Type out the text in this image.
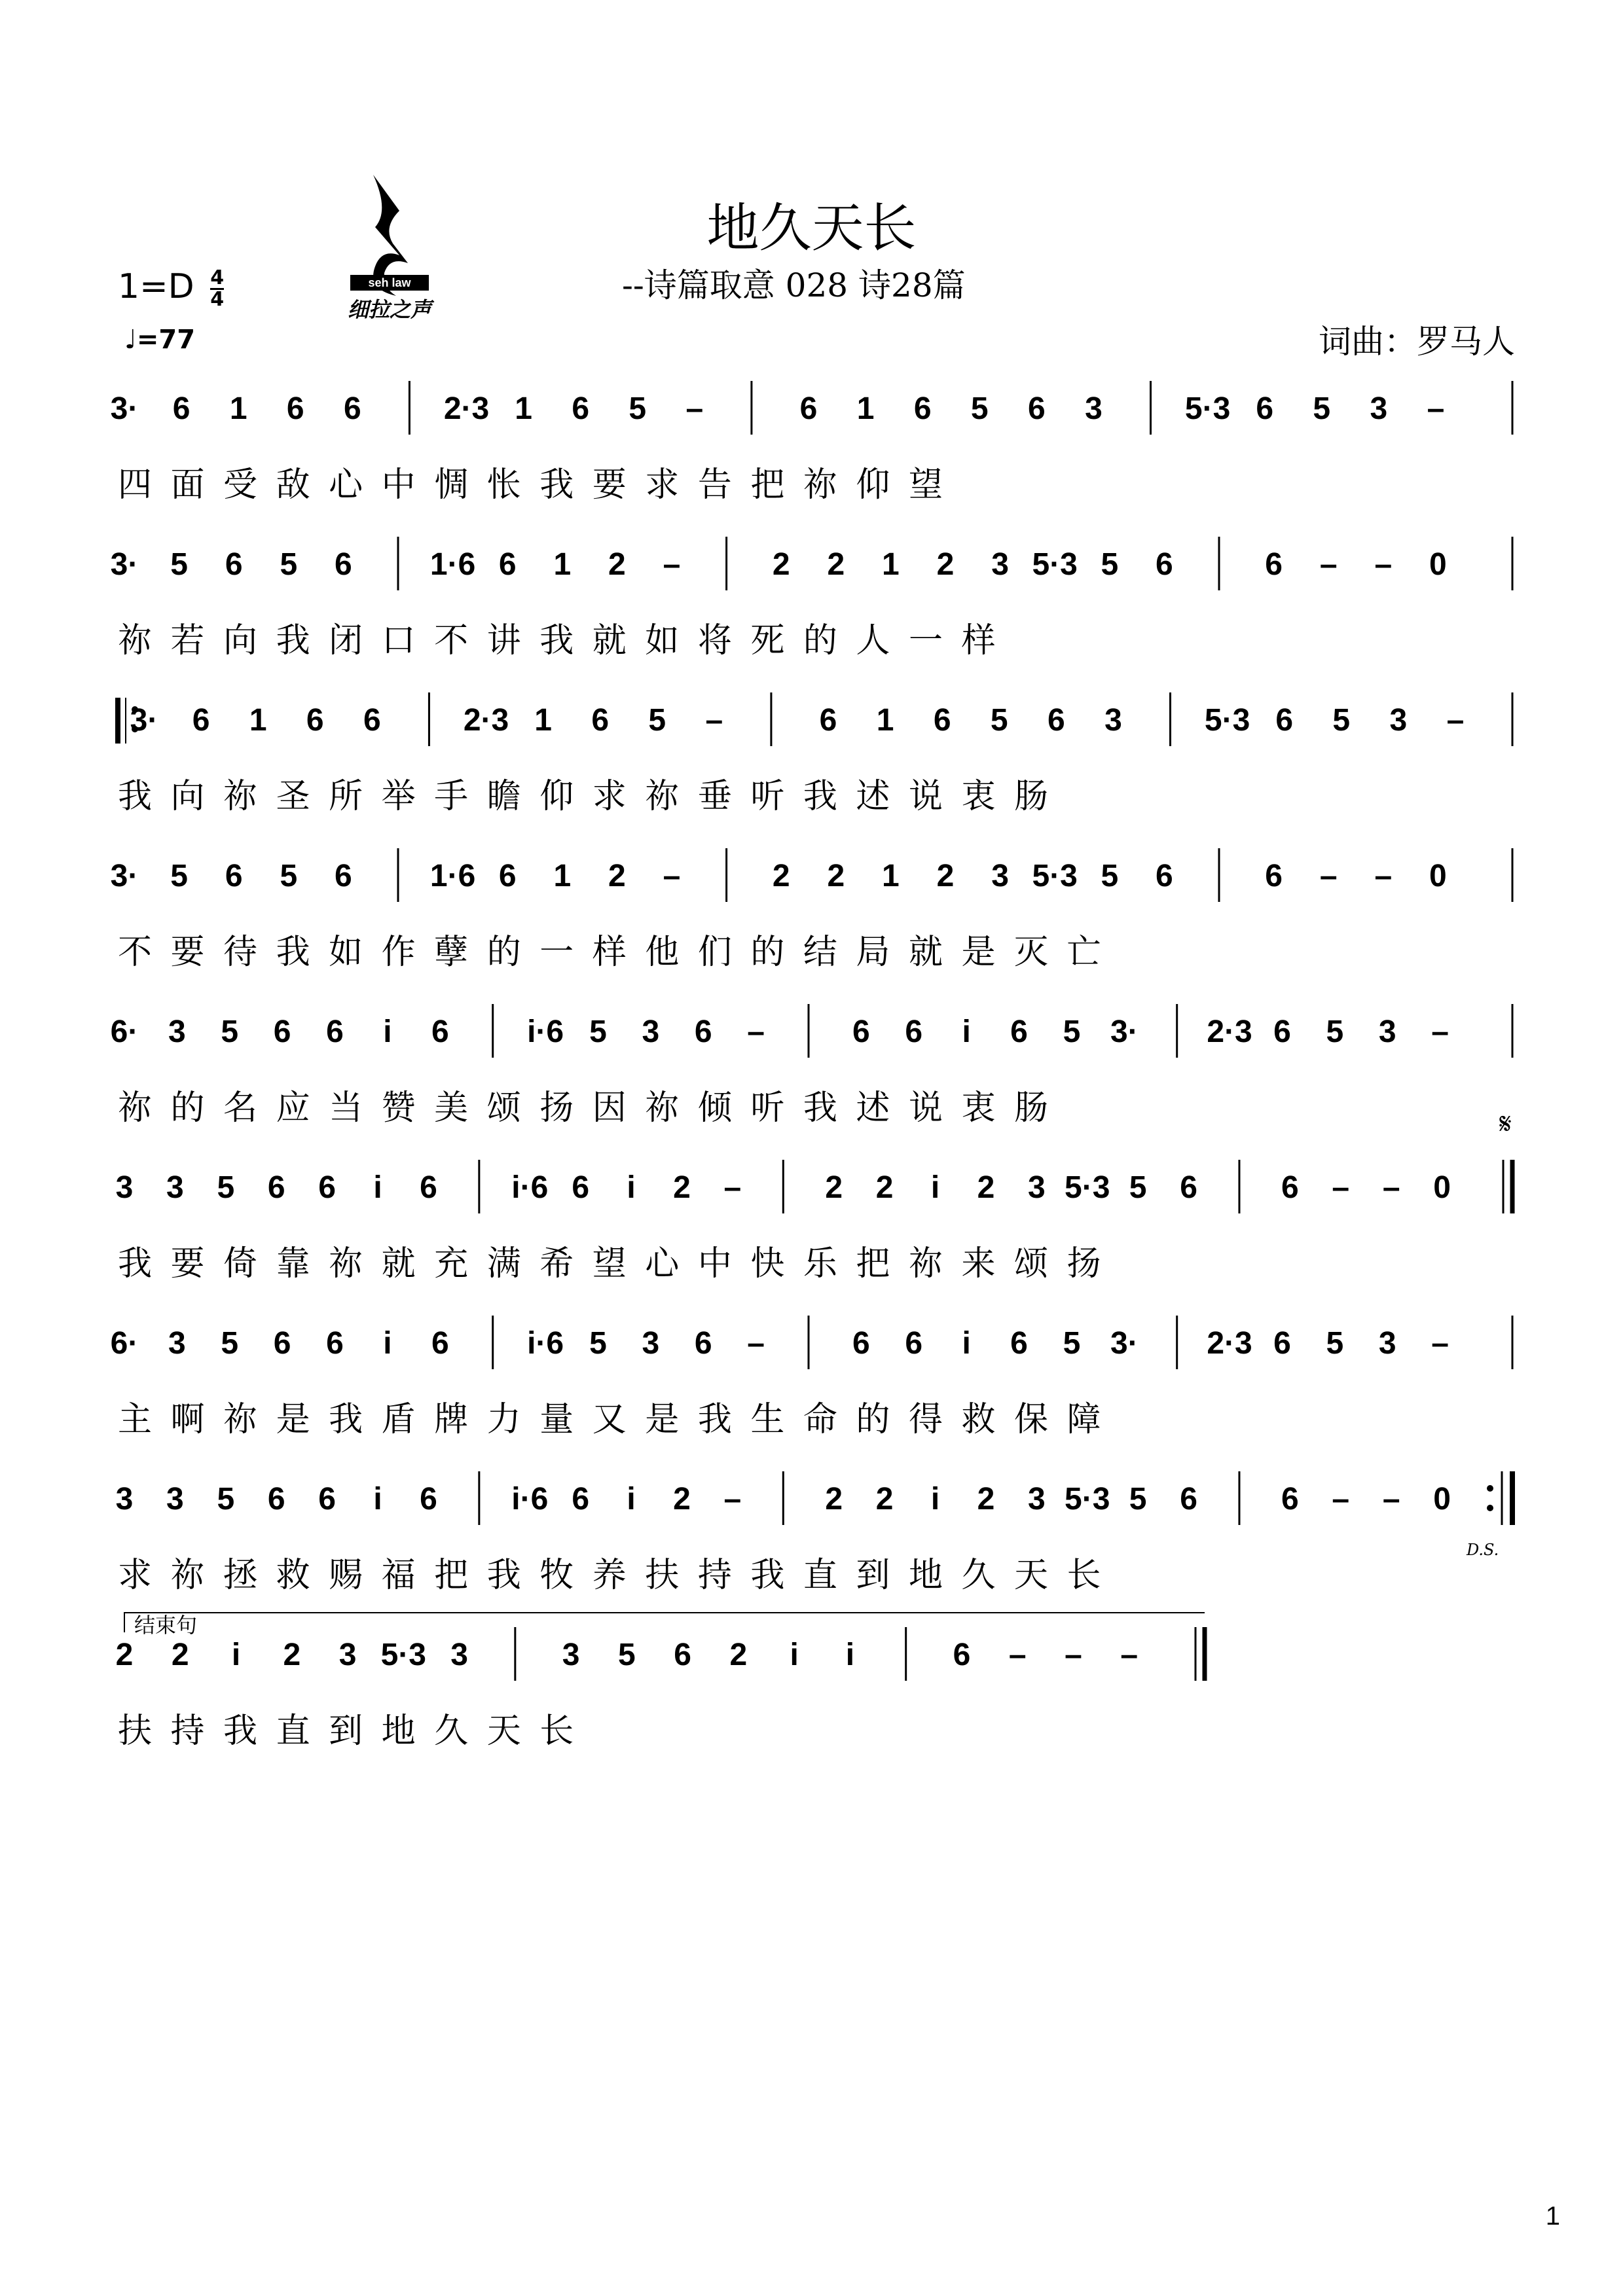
地久天长
--诗篇取意 028 诗28篇
词曲：罗马人
$1=D \frac{4}{4}$
♩=77
seh law
细拉之声
3· 6 1 6 6	2·3 1 6 5 –	6 1 6 5 6 3	5·3 6 5 3 –
四 面 受 敌 心 中 惆 怅 我 要 求 告 把 祢 仰 望
3· 5 6 5 6 1·6 6 1 2 –	2 2 1 2 3 5·3 5 6	6 – – 0
祢 若 向 我 闭 口 不 讲 我 就 如 将 死 的 人 一 样
3· 6 1 6 6	2·3 1 6 5 –	6 1 6 5 6 3	5·3 6 5 3 –
我 向 祢 圣 所 举 手 瞻 仰 求 祢 垂 听 我 述 说 衷 肠
3· 5 6 5 6 1·6 6 1 2 –	2 2 1 2 3 5·3 5 6	6 – – 0
不 要 待 我 如 作 孽 的 一 样 他 们 的 结 局 就 是 灭 亡
6· 3 5 6 6 i 6 i·6 5 3 6 –	6 6 i 6 5 3· 2·3 6 5 3 –
祢 的 名 应 当 赞 美 颂 扬 因 祢 倾 听 我 述 说 衷 肠
3 3 5 6 6 i 6 i·6 6 i 2 –	2 2 i 2 3 5·3 5 6	6 – – 0
我 要 倚 靠 祢 就 充 满 希 望 心 中 快 乐 把 祢 来 颂 扬
6· 3 5 6 6 i 6 i·6 5 3 6 –	6 6 i 6 5 3· 2·3 6 5 3 –
主 啊 祢 是 我 盾 牌 力 量 又 是 我 生 命 的 得 救 保 障
3 3 5 6 6 i 6 i·6 6 i 2 –	2 2 i 2 3 5·3 5 6	6 – – 0
D.S.
求 祢 拯 救 赐 福 把 我 牧 养 扶 持 我 直 到 地 久 天 长
2 2 i 2 3 5·3 3	3 5 6 2 i i	6 – – –
扶 持 我 直 到 地 久 天 长
𝄋
结束句
1
